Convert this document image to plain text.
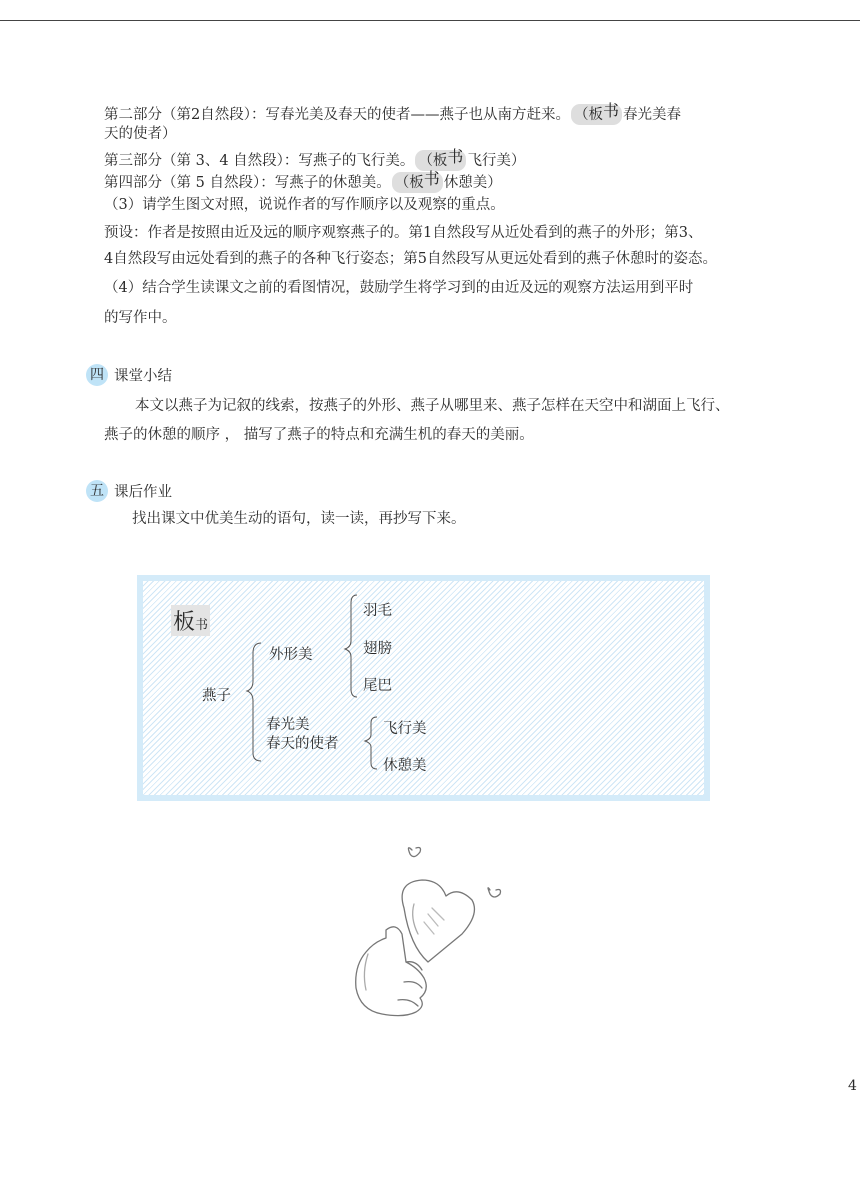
第二部分（第2自然段）：写春光美及春天的使者——燕子也从南方赶来。 （板书 春光美春
天的使者）
第三部分（第 3、4 自然段）：写燕子的飞行美。 （板书 飞行美）
第四部分（第 5 自然段）：写燕子的休憩美。 （板书 休憩美）
（3）请学生图文对照，说说作者的写作顺序以及观察的重点。
预设：作者是按照由近及远的顺序观察燕子的。第1自然段写从近处看到的燕子的外形；第3、
4自然段写由远处看到的燕子的各种飞行姿态；第5自然段写从更远处看到的燕子休憩时的姿态。
（4）结合学生读课文之前的看图情况，鼓励学生将学习到的由近及远的观察方法运用到平时
的写作中。
四 课堂小结
本文以燕子为记叙的线索，按燕子的外形、燕子从哪里来、燕子怎样在天空中和湖面上飞行、
燕子的休憩的顺序 ， 描写了燕子的特点和充满生机的春天的美丽。
五 课后作业
找出课文中优美生动的语句，读一读，再抄写下来。
板书
燕子
外形美
羽毛
翅膀
尾巴
春光美
春天的使者
飞行美
休憩美
4
